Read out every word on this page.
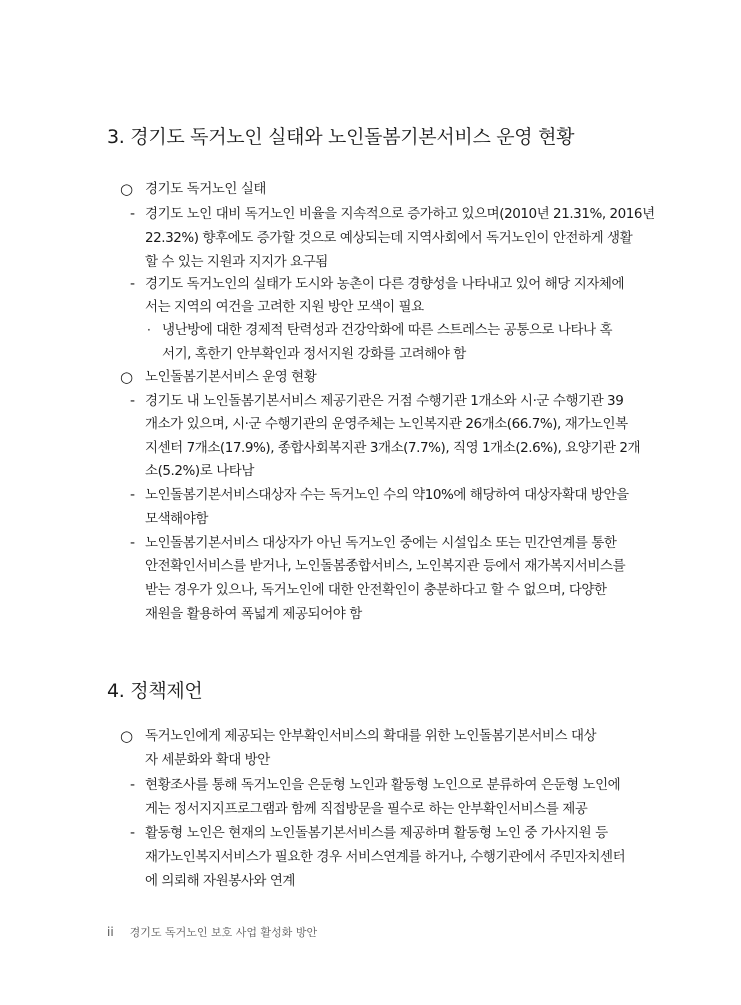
3. 경기도 독거노인 실태와 노인돌봄기본서비스 운영 현황
○ 경기도 독거노인 실태
- 경기도 노인 대비 독거노인 비율을 지속적으로 증가하고 있으며(2010년 21.31%, 2016년
22.32%) 향후에도 증가할 것으로 예상되는데 지역사회에서 독거노인이 안전하게 생활
할 수 있는 지원과 지지가 요구됨
- 경기도 독거노인의 실태가 도시와 농촌이 다른 경향성을 나타내고 있어 해당 지자체에
서는 지역의 여건을 고려한 지원 방안 모색이 필요
· 냉난방에 대한 경제적 탄력성과 건강악화에 따른 스트레스는 공통으로 나타나 혹
서기, 혹한기 안부확인과 정서지원 강화를 고려해야 함
○ 노인돌봄기본서비스 운영 현황
- 경기도 내 노인돌봄기본서비스 제공기관은 거점 수행기관 1개소와 시·군 수행기관 39
개소가 있으며, 시·군 수행기관의 운영주체는 노인복지관 26개소(66.7%), 재가노인복
지센터 7개소(17.9%), 종합사회복지관 3개소(7.7%), 직영 1개소(2.6%), 요양기관 2개
소(5.2%)로 나타남
- 노인돌봄기본서비스대상자 수는 독거노인 수의 약10%에 해당하여 대상자확대 방안을
모색해야함
- 노인돌봄기본서비스 대상자가 아닌 독거노인 중에는 시설입소 또는 민간연계를 통한
안전확인서비스를 받거나, 노인돌봄종합서비스, 노인복지관 등에서 재가복지서비스를
받는 경우가 있으나, 독거노인에 대한 안전확인이 충분하다고 할 수 없으며, 다양한
재원을 활용하여 폭넓게 제공되어야 함
4. 정책제언
○ 독거노인에게 제공되는 안부확인서비스의 확대를 위한 노인돌봄기본서비스 대상
자 세분화와 확대 방안
- 현황조사를 통해 독거노인을 은둔형 노인과 활동형 노인으로 분류하여 은둔형 노인에
게는 정서지지프로그램과 함께 직접방문을 필수로 하는 안부확인서비스를 제공
- 활동형 노인은 현재의 노인돌봄기본서비스를 제공하며 활동형 노인 중 가사지원 등
재가노인복지서비스가 필요한 경우 서비스연계를 하거나, 수행기관에서 주민자치센터
에 의뢰해 자원봉사와 연계
ii 경기도 독거노인 보호 사업 활성화 방안
